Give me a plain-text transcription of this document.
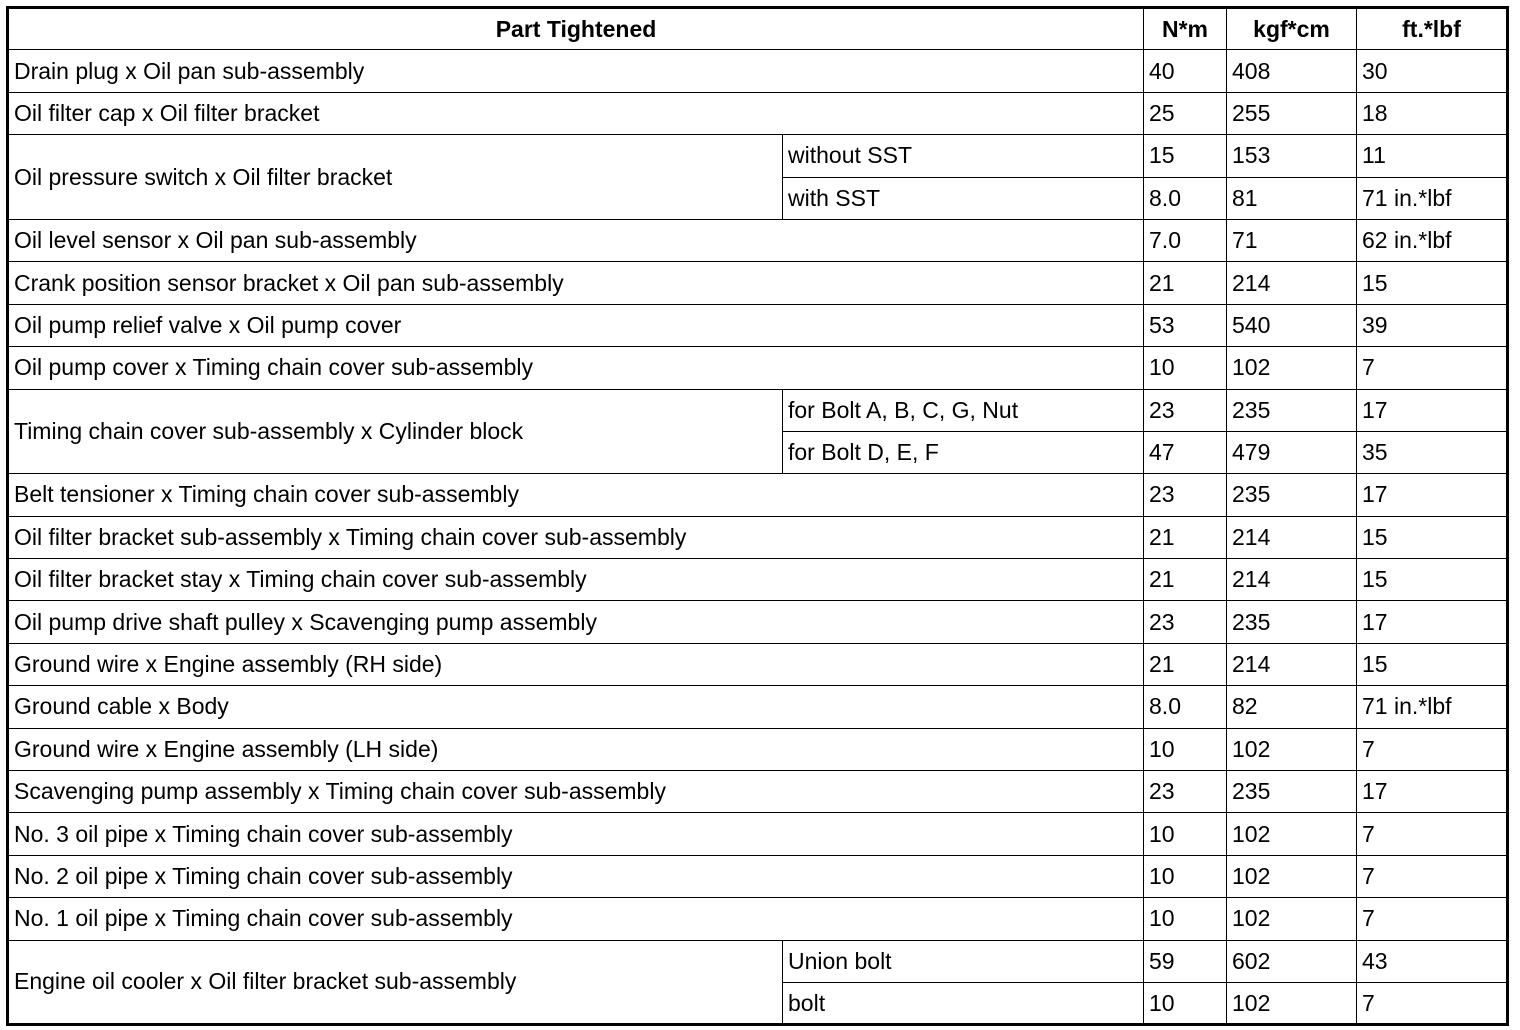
Part Tightened		N*m	kgf*cm	ft.*lbf
Drain plug x Oil pan sub-assembly		40	408	30
Oil filter cap x Oil filter bracket		25	255	18
Oil pressure switch x Oil filter bracket	without SST	15	153	11
	with SST	8.0	81	71 in.*lbf
Oil level sensor x Oil pan sub-assembly		7.0	71	62 in.*lbf
Crank position sensor bracket x Oil pan sub-assembly		21	214	15
Oil pump relief valve x Oil pump cover		53	540	39
Oil pump cover x Timing chain cover sub-assembly		10	102	7
Timing chain cover sub-assembly x Cylinder block	for Bolt A, B, C, G, Nut	23	235	17
	for Bolt D, E, F	47	479	35
Belt tensioner x Timing chain cover sub-assembly		23	235	17
Oil filter bracket sub-assembly x Timing chain cover sub-assembly		21	214	15
Oil filter bracket stay x Timing chain cover sub-assembly		21	214	15
Oil pump drive shaft pulley x Scavenging pump assembly		23	235	17
Ground wire x Engine assembly (RH side)		21	214	15
Ground cable x Body		8.0	82	71 in.*lbf
Ground wire x Engine assembly (LH side)		10	102	7
Scavenging pump assembly x Timing chain cover sub-assembly		23	235	17
No. 3 oil pipe x Timing chain cover sub-assembly		10	102	7
No. 2 oil pipe x Timing chain cover sub-assembly		10	102	7
No. 1 oil pipe x Timing chain cover sub-assembly		10	102	7
Engine oil cooler x Oil filter bracket sub-assembly	Union bolt	59	602	43
	bolt	10	102	7
